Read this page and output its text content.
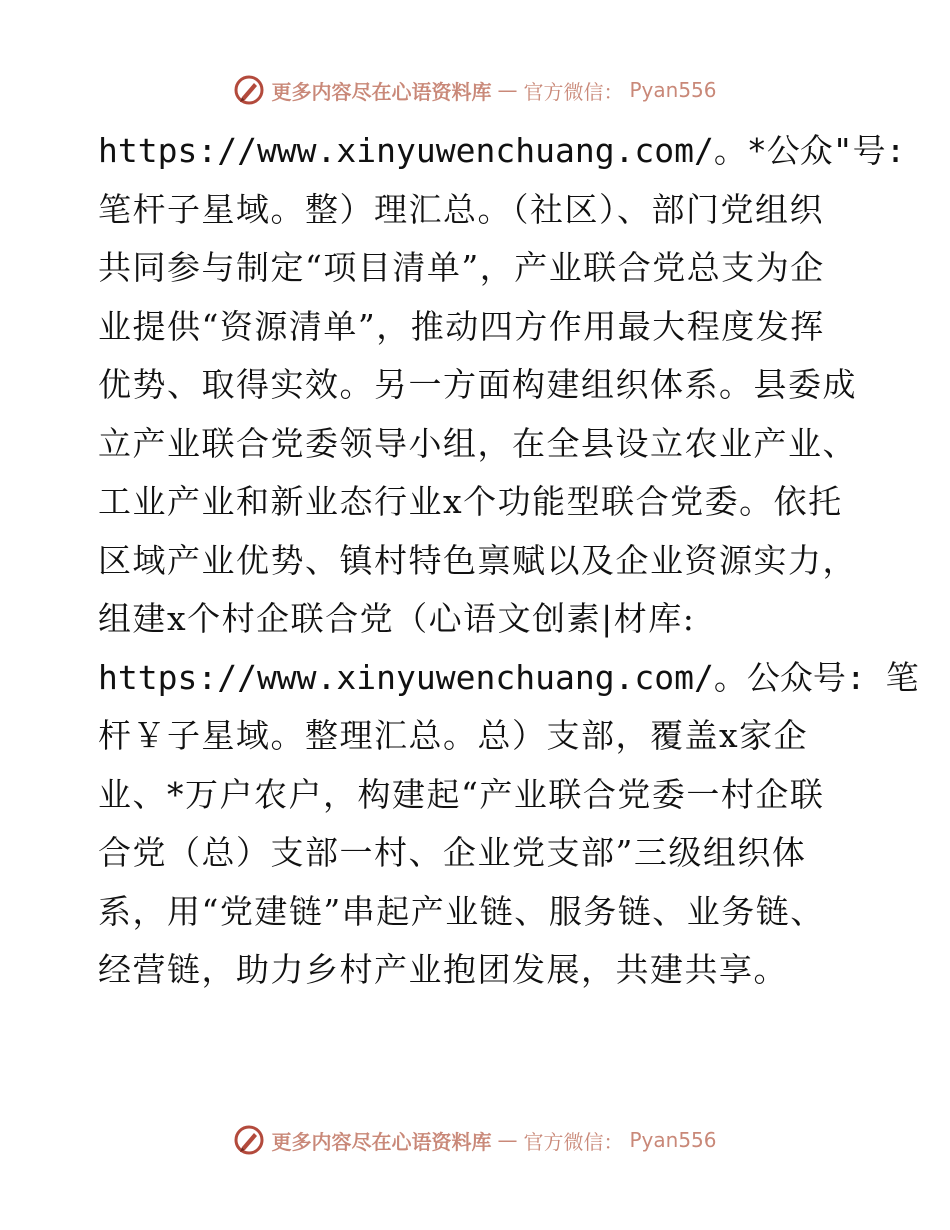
更多内容尽在心语资料库 — 官方微信： Pyan556
https://www.xinyuwenchuang.com/。*公众"号:
笔杆子星域。整）理汇总。（社区）、部门党组织
共同参与制定“项目清单”，产业联合党总支为企
业提供“资源清单”，推动四方作用最大程度发挥
优势、取得实效。另一方面构建组织体系。县委成
立产业联合党委领导小组，在全县设立农业产业、
工业产业和新业态行业x个功能型联合党委。依托
区域产业优势、镇村特色禀赋以及企业资源实力，
组建x个村企联合党（心语文创素|材库:
https://www.xinyuwenchuang.com/。公众号: 笔
杆￥子星域。整理汇总。总）支部，覆盖x家企
业、*万户农户，构建起“产业联合党委一村企联
合党（总）支部一村、企业党支部”三级组织体
系，用“党建链”串起产业链、服务链、业务链、
经营链，助力乡村产业抱团发展，共建共享。
更多内容尽在心语资料库 — 官方微信： Pyan556
